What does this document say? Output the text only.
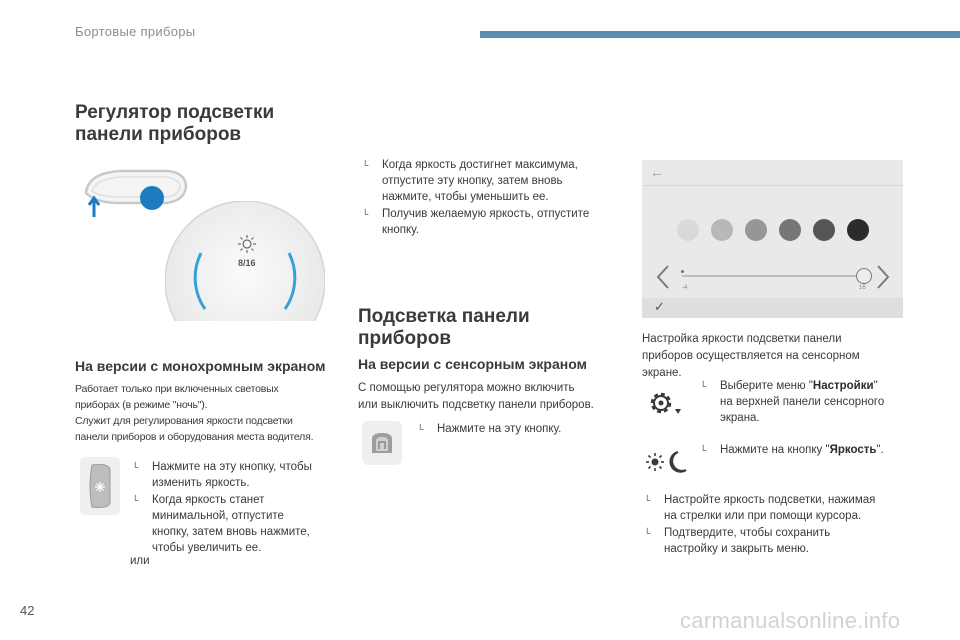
Бортовые приборы
Регулятор подсветки
панели приборов
8/16
На версии с монохромным экраном
Работает только при включенных световых
приборах (в режиме "ночь").
Служит для регулирования яркости подсветки
панели приборов и оборудования места водителя.
└ Нажмите на эту кнопку, чтобы
изменить яркость.
└ Когда яркость станет
минимальной, отпустите
кнопку, затем вновь нажмите,
чтобы увеличить ее.
или
└ Когда яркость достигнет максимума,
отпустите эту кнопку, затем вновь
нажмите, чтобы уменьшить ее.
└ Получив желаемую яркость, отпустите
кнопку.
Подсветка панели
приборов
На версии с сенсорным экраном
С помощью регулятора можно включить
или выключить подсветку панели приборов.
└ Нажмите на эту кнопку.
←
-4	16
✓
Настройка яркости подсветки панели
приборов осуществляется на сенсорном
экране.
└ Выберите меню "Настройки"
на верхней панели сенсорного
экрана.
└ Нажмите на кнопку "Яркость".
└ Настройте яркость подсветки, нажимая
на стрелки или при помощи курсора.
└ Подтвердите, чтобы сохранить
настройку и закрыть меню.
42	carmanualsonline.info
